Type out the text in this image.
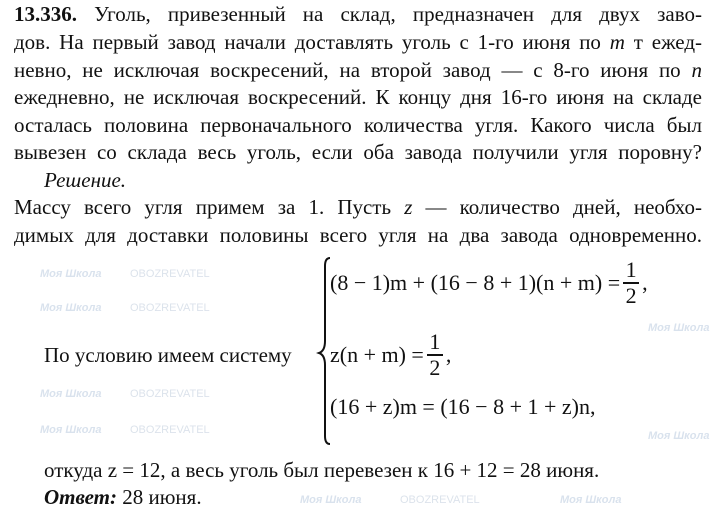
Моя Школа	OBOZREVATEL
Моя Школа	OBOZREVATEL
Моя Школа	OBOZREVATEL
Моя Школа	OBOZREVATEL
Моя Школа
Моя Школа
Моя Школа	OBOZREVATEL	Моя Школа
13.336. Уголь, привезенный на склад, предназначен для двух заво-
дов. На первый завод начали доставлять уголь с 1-го июня по m т ежед-
невно, не исключая воскресений, на второй завод — с 8-го июня по n
ежедневно, не исключая воскресений. К концу дня 16-го июня на складе
осталась половина первоначального количества угля. Какого числа был
вывезен со склада весь уголь, если оба завода получили угля поровну?
Решение.
Массу всего угля примем за 1. Пусть z — количество дней, необхо-
димых для доставки половины всего угля на два завода одновременно.
По условию имеем систему
$(8 - 1)m + (16 - 8 + 1)(n + m) = \frac{1}{2}$ ,
$z(n + m) = \frac{1}{2}$ ,
(16 + z)m = (16 − 8 + 1 + z)n,
откуда z = 12, а весь уголь был перевезен к 16 + 12 = 28 июня.
Ответ: 28 июня.
